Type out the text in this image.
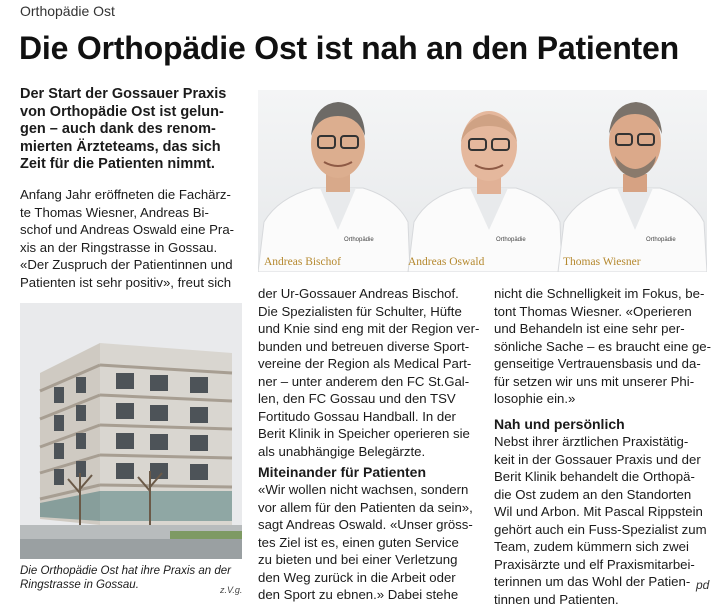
Orthopädie Ost
Die Orthopädie Ost ist nah an den Patienten
Der Start der Gossauer Praxis
von Orthopädie Ost ist gelun-
gen – auch dank des renom-
mierten Ärzteteams, das sich
Zeit für die Patienten nimmt.
Anfang Jahr eröffneten die Fachärz-
te Thomas Wiesner, Andreas Bi-
schof und Andreas Oswald eine Pra-
xis an der Ringstrasse in Gossau.
«Der Zuspruch der Patientinnen und
Patienten ist sehr positiv», freut sich
Orthopädie	Orthopädie	Orthopädie
Andreas Bischof	Andreas Oswald	Thomas Wiesner
Die Orthopädie Ost hat ihre Praxis an der
Ringstrasse in Gossau.	z.V.g.
der Ur-Gossauer Andreas Bischof.
Die Spezialisten für Schulter, Hüfte
und Knie sind eng mit der Region ver-
bunden und betreuen diverse Sport-
vereine der Region als Medical Part-
ner – unter anderem den FC St.Gal-
len, den FC Gossau und den TSV
Fortitudo Gossau Handball. In der
Berit Klinik in Speicher operieren sie
als unabhängige Belegärzte.
Miteinander für Patienten
«Wir wollen nicht wachsen, sondern
vor allem für den Patienten da sein»,
sagt Andreas Oswald. «Unser gröss-
tes Ziel ist es, einen guten Service
zu bieten und bei einer Verletzung
den Weg zurück in die Arbeit oder
den Sport zu ebnen.» Dabei stehe
nicht die Schnelligkeit im Fokus, be-
tont Thomas Wiesner. «Operieren
und Behandeln ist eine sehr per-
sönliche Sache – es braucht eine ge-
genseitige Vertrauensbasis und da-
für setzen wir uns mit unserer Phi-
losophie ein.»
Nah und persönlich
Nebst ihrer ärztlichen Praxistätig-
keit in der Gossauer Praxis und der
Berit Klinik behandelt die Orthopä-
die Ost zudem an den Standorten
Wil und Arbon. Mit Pascal Rippstein
gehört auch ein Fuss-Spezialist zum
Team, zudem kümmern sich zwei
Praxisärzte und elf Praxismitarbei-
terinnen um das Wohl der Patien-
tinnen und Patienten.
pd
